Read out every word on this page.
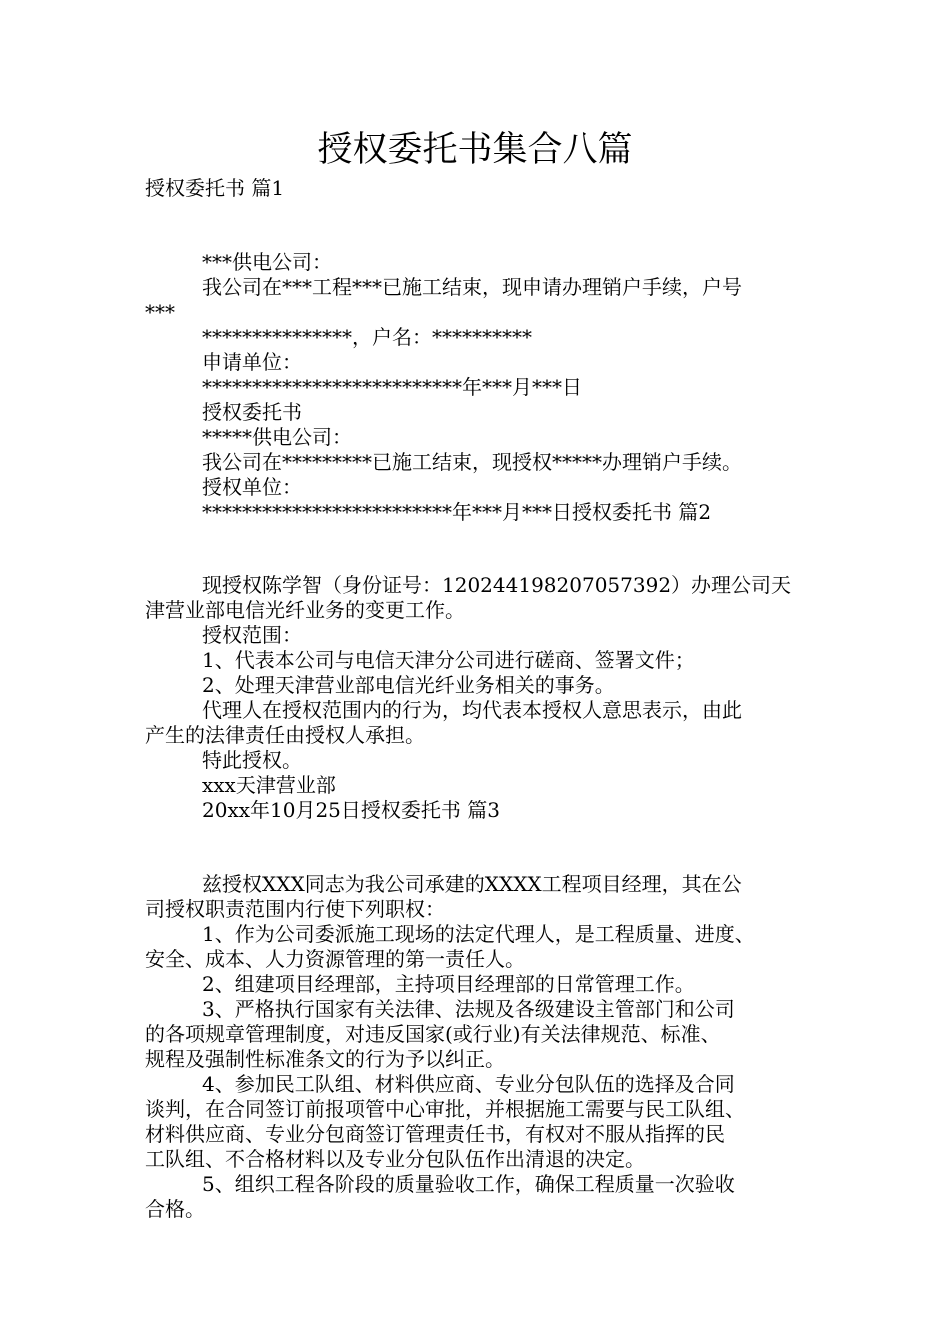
授权委托书集合八篇
授权委托书 篇1
***供电公司：
我公司在***工程***已施工结束，现申请办理销户手续，户号
***
***************，户名：**********
申请单位：
**************************年***月***日
授权委托书
*****供电公司：
我公司在*********已施工结束，现授权*****办理销户手续。
授权单位：
*************************年***月***日授权委托书 篇2
现授权陈学智（身份证号：120244198207057392）办理公司天
津营业部电信光纤业务的变更工作。
授权范围：
1、代表本公司与电信天津分公司进行磋商、签署文件；
2、处理天津营业部电信光纤业务相关的事务。
代理人在授权范围内的行为，均代表本授权人意思表示，由此
产生的法律责任由授权人承担。
特此授权。
xxx天津营业部
20xx年10月25日授权委托书 篇3
兹授权XXX同志为我公司承建的XXXX工程项目经理，其在公
司授权职责范围内行使下列职权：
1、作为公司委派施工现场的法定代理人，是工程质量、进度、
安全、成本、人力资源管理的第一责任人。
2、组建项目经理部，主持项目经理部的日常管理工作。
3、严格执行国家有关法律、法规及各级建设主管部门和公司
的各项规章管理制度，对违反国家(或行业)有关法律规范、标准、
规程及强制性标准条文的行为予以纠正。
4、参加民工队组、材料供应商、专业分包队伍的选择及合同
谈判，在合同签订前报项管中心审批，并根据施工需要与民工队组、
材料供应商、专业分包商签订管理责任书，有权对不服从指挥的民
工队组、不合格材料以及专业分包队伍作出清退的决定。
5、组织工程各阶段的质量验收工作，确保工程质量一次验收
合格。
